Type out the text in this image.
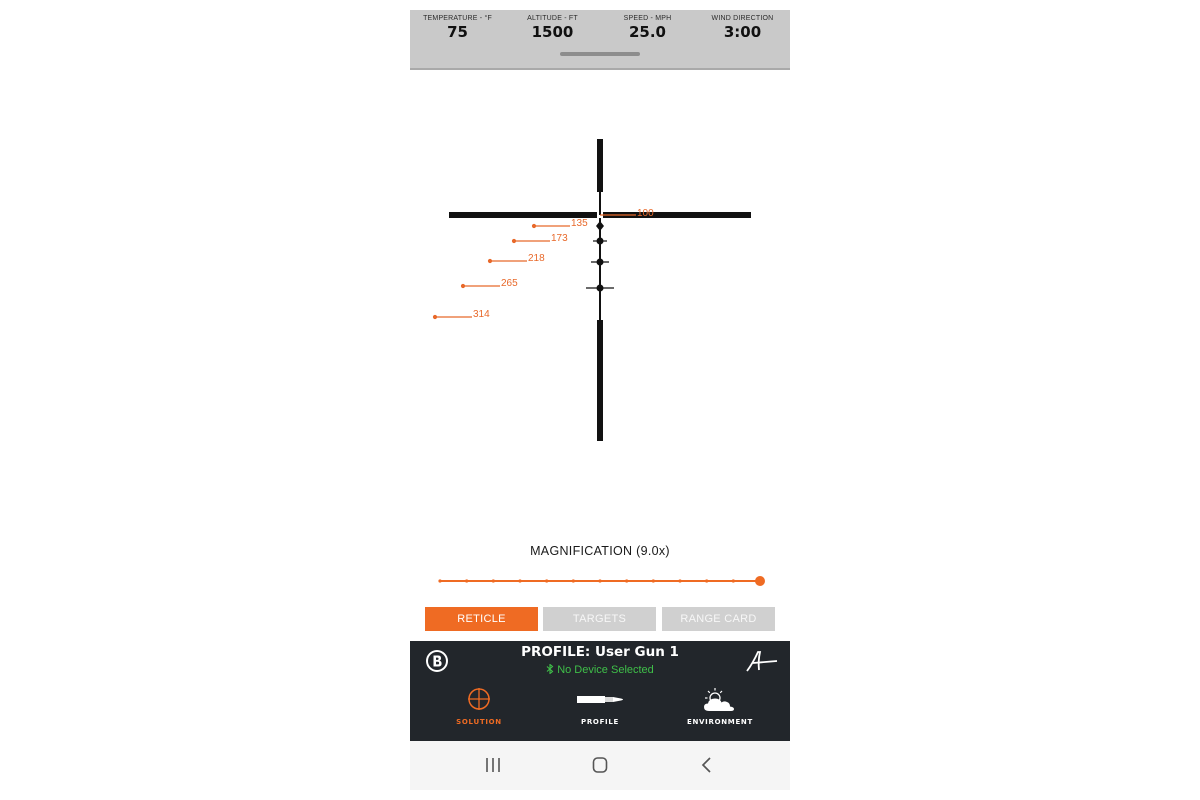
TEMPERATURE - °F
75
ALTITUDE - FT
1500
SPEED - MPH
25.0
WIND DIRECTION
3:00
100
135
173
218
265
314
MAGNIFICATION (9.0x)
RETICLE	TARGETS	RANGE CARD
PROFILE: User Gun 1
No Device Selected
SOLUTION	PROFILE	ENVIRONMENT
